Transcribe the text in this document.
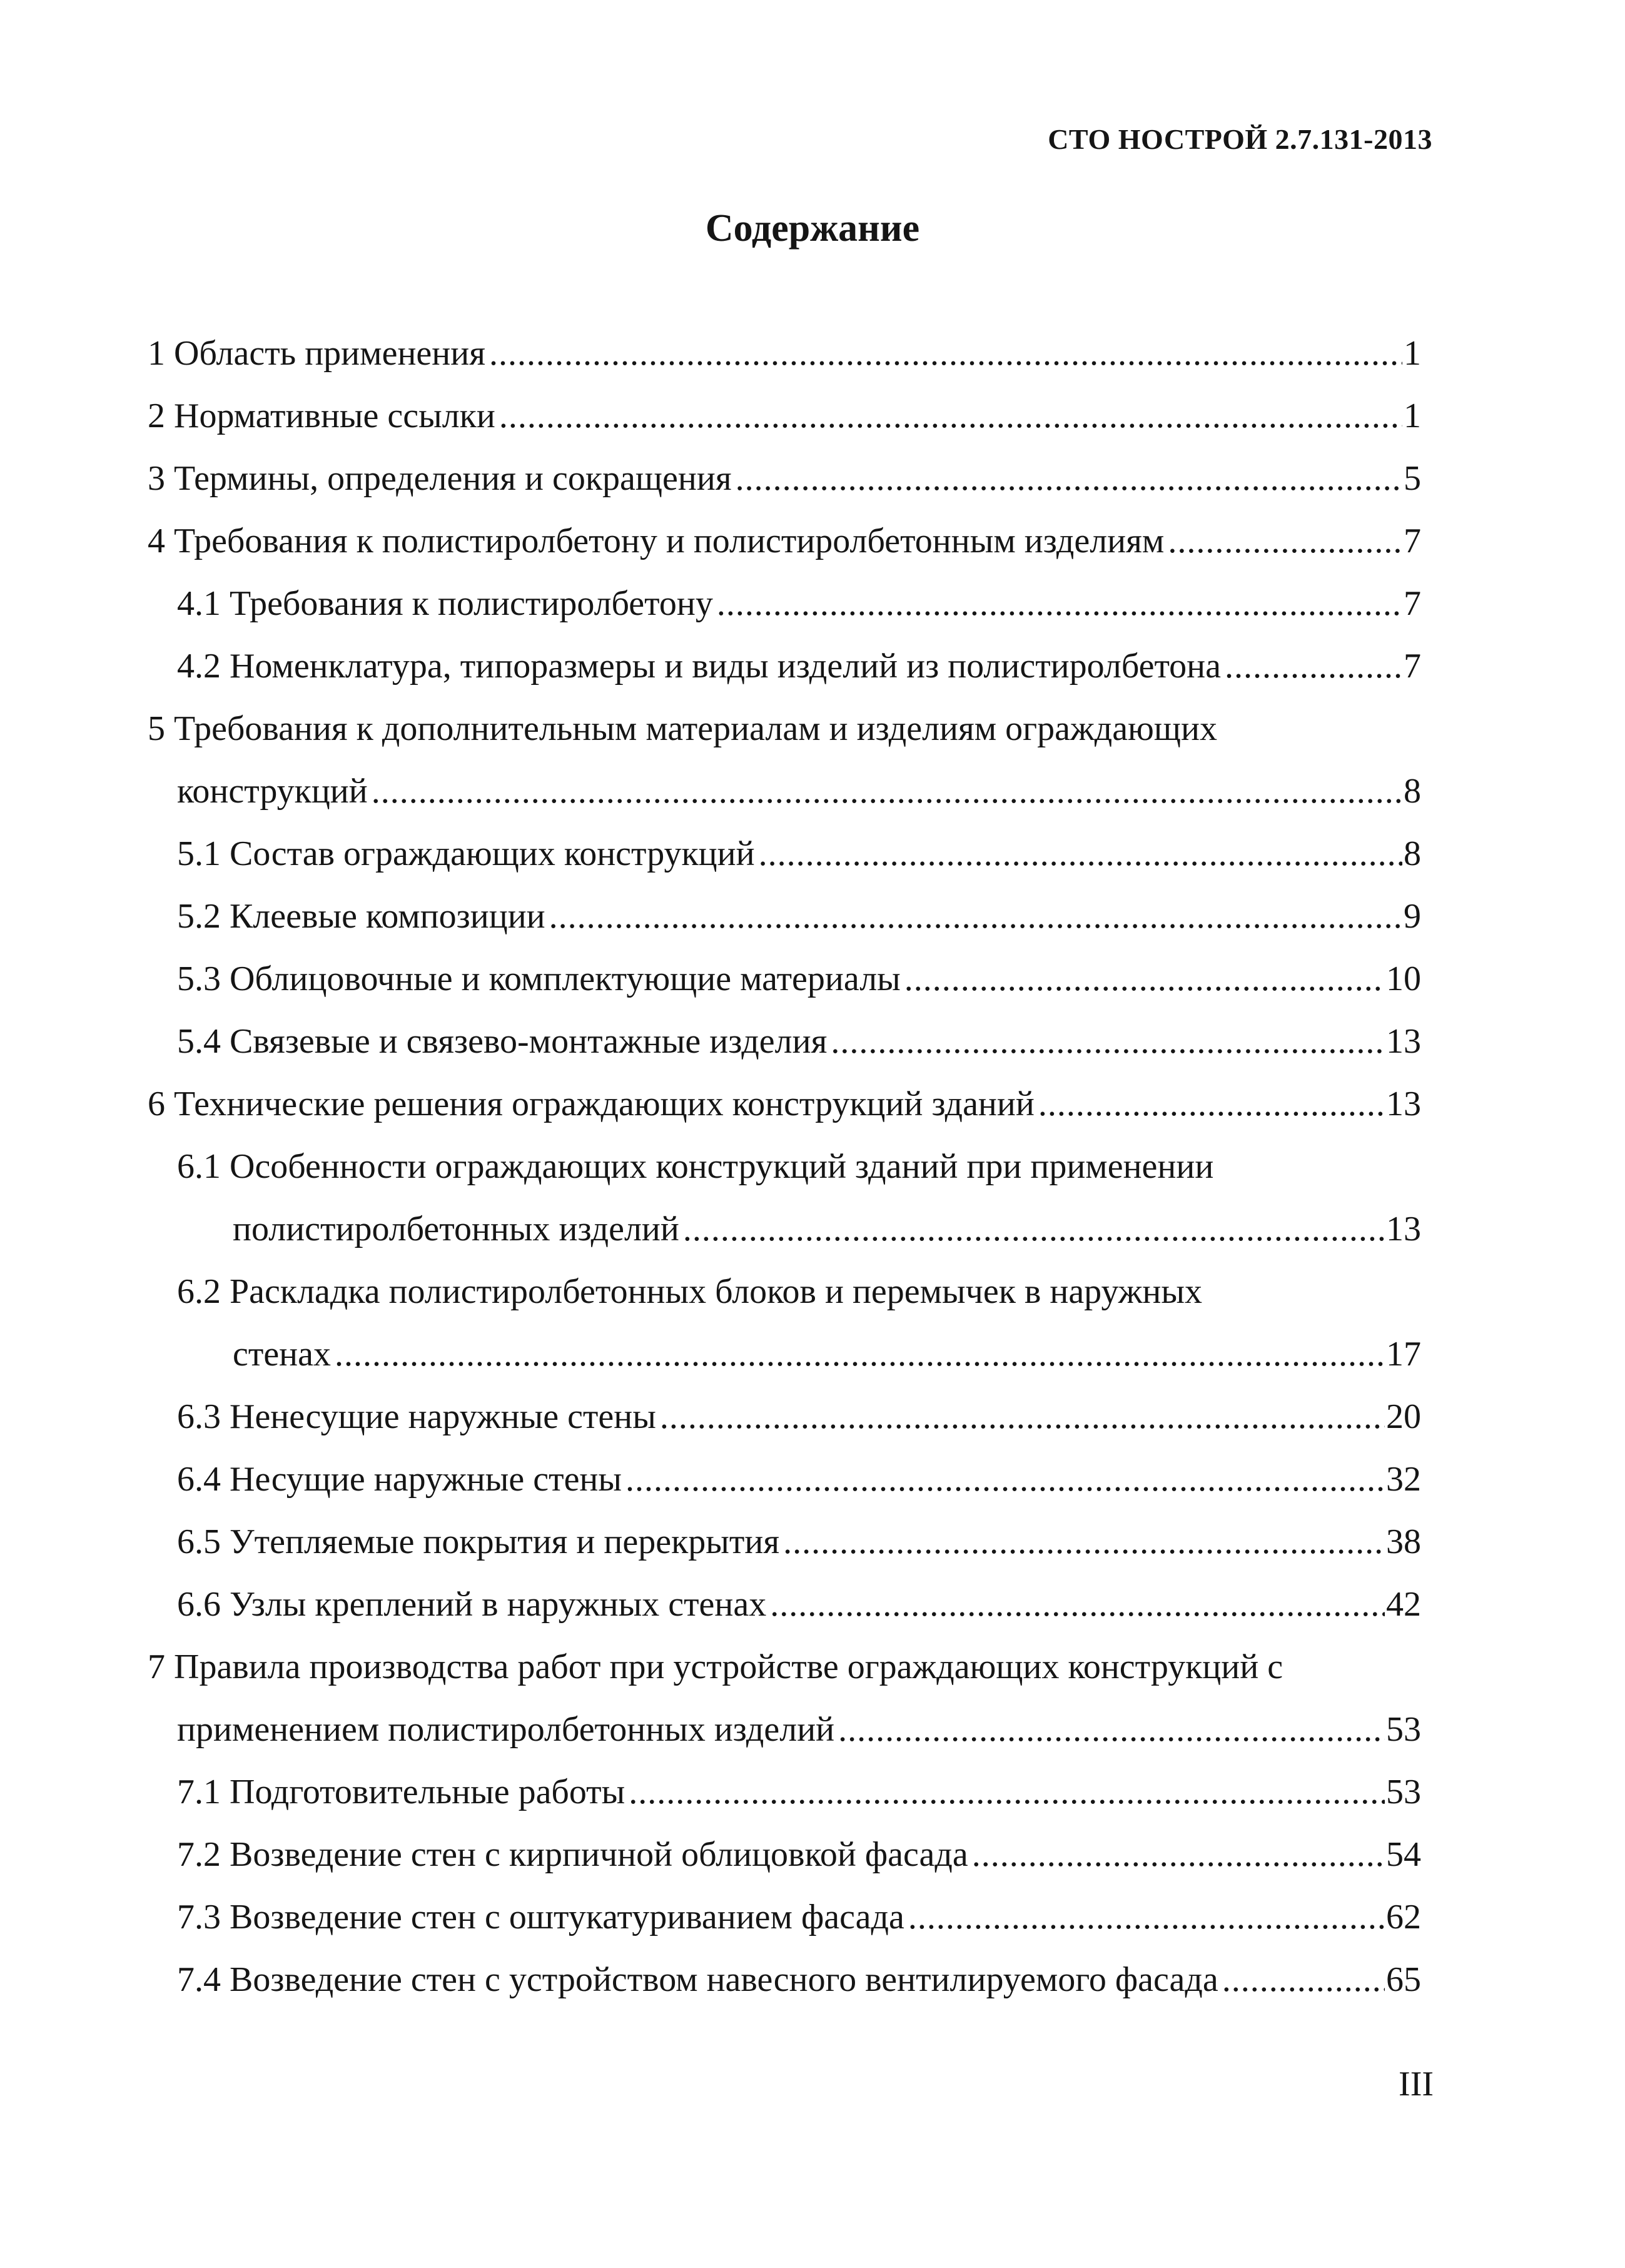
СТО НОСТРОЙ 2.7.131-2013
Содержание
1 Область применения .....	1
2 Нормативные ссылки .....	1
3 Термины, определения и сокращения .....	5
4 Требования к полистиролбетону и полистиролбетонным изделиям .....	7
4.1 Требования к полистиролбетону .....	7
4.2 Номенклатура, типоразмеры и виды изделий из полистиролбетона .....	7
5 Требования к дополнительным материалам и изделиям ограждающих
конструкций .....	8
5.1 Состав ограждающих конструкций .....	8
5.2 Клеевые композиции .....	9
5.3 Облицовочные и комплектующие материалы .....	10
5.4 Связевые и связево-монтажные изделия .....	13
6 Технические решения ограждающих конструкций зданий .....	13
6.1 Особенности ограждающих конструкций зданий при применении
полистиролбетонных изделий .....	13
6.2 Раскладка полистиролбетонных блоков и перемычек в наружных
стенах .....	17
6.3 Ненесущие наружные стены .....	20
6.4 Несущие наружные стены .....	32
6.5 Утепляемые покрытия и перекрытия .....	38
6.6 Узлы креплений в наружных стенах .....	42
7 Правила производства работ при устройстве ограждающих конструкций с
применением полистиролбетонных изделий .....	53
7.1 Подготовительные работы .....	53
7.2 Возведение стен с кирпичной облицовкой фасада .....	54
7.3 Возведение стен с оштукатуриванием фасада .....	62
7.4 Возведение стен с устройством навесного вентилируемого фасада .....	65
III
